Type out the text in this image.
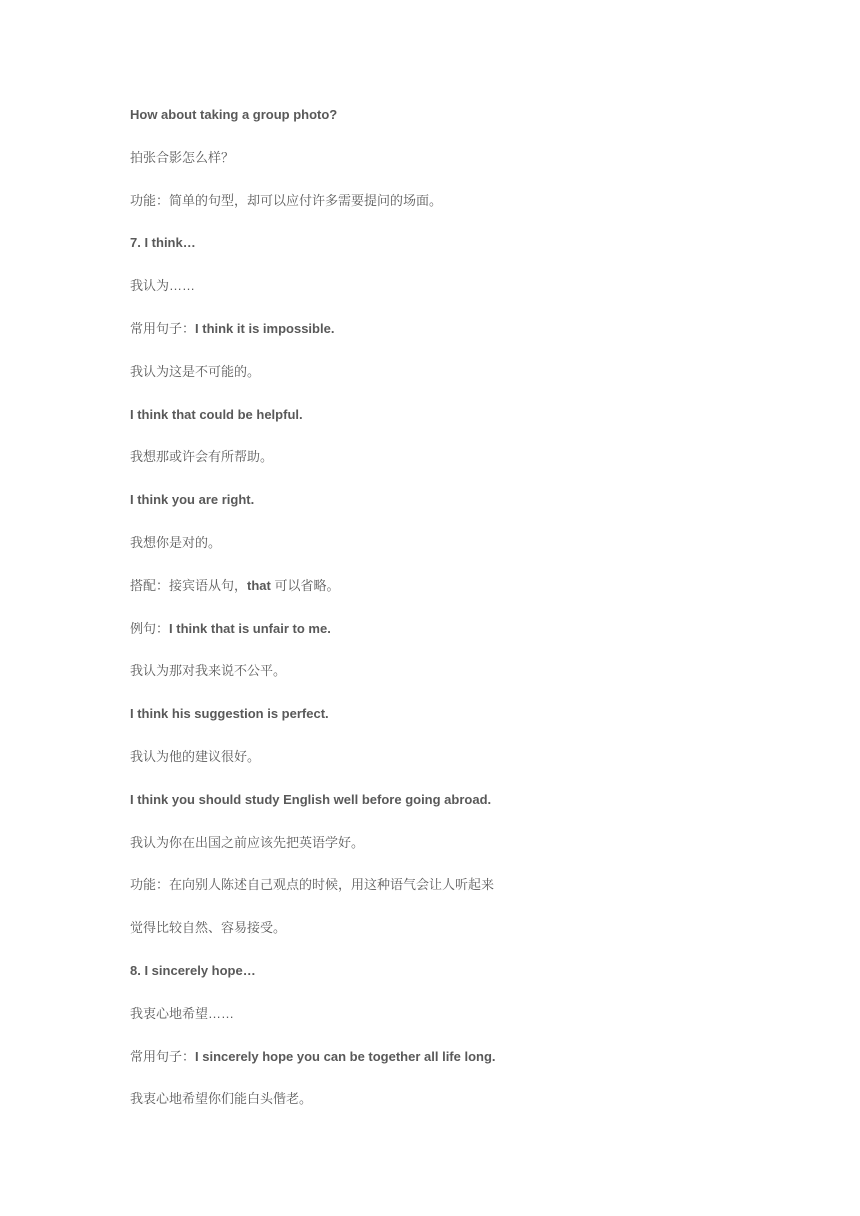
How about taking a group photo?
拍张合影怎么样？
功能：简单的句型，却可以应付许多需要提问的场面。
7. I think…
我认为……
常用句子：I think it is impossible.
我认为这是不可能的。
I think that could be helpful.
我想那或许会有所帮助。
I think you are right.
我想你是对的。
搭配：接宾语从句，that 可以省略。
例句：I think that is unfair to me.
我认为那对我来说不公平。
I think his suggestion is perfect.
我认为他的建议很好。
I think you should study English well before going abroad.
我认为你在出国之前应该先把英语学好。
功能：在向别人陈述自己观点的时候，用这种语气会让人听起来
觉得比较自然、容易接受。
8. I sincerely hope…
我衷心地希望……
常用句子：I sincerely hope you can be together all life long.
我衷心地希望你们能白头偕老。
